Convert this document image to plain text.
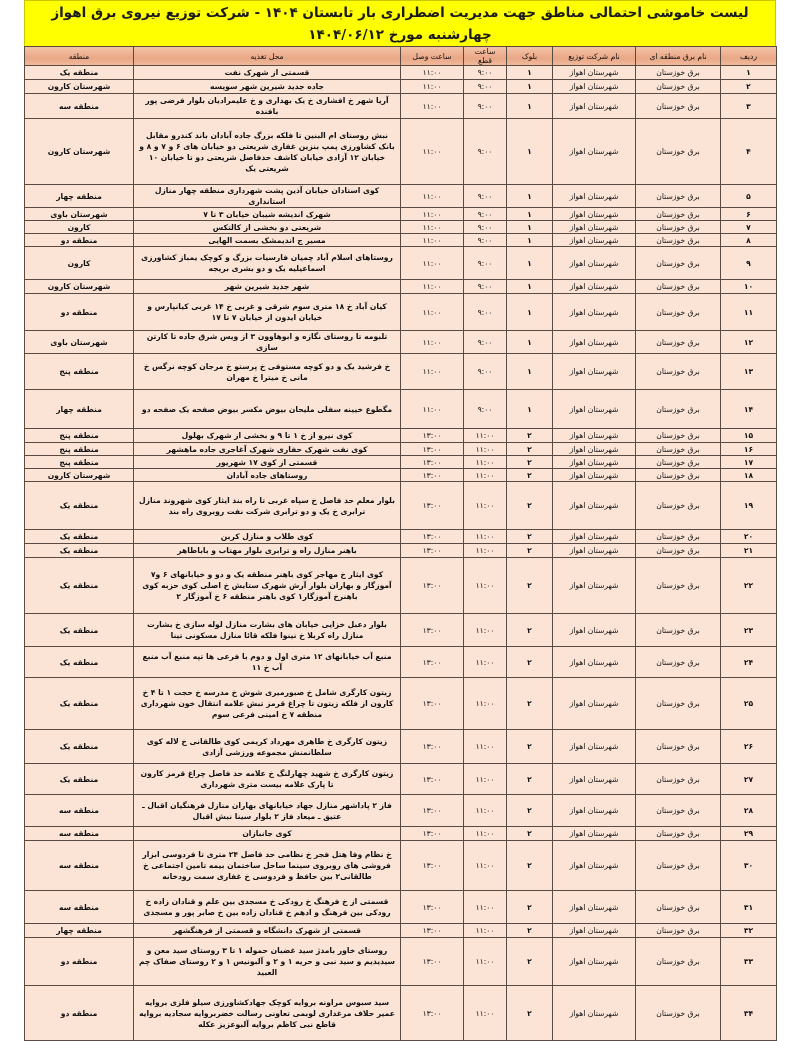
لیست خاموشی احتمالی مناطق جهت مدیریت اضطراری بار تابستان ۱۴۰۴ - شرکت توزیع نیروی برق اهواز
چهارشنبه مورخ ۱۴۰۴/۰۶/۱۲
ردیف	نام برق منطقه ای	نام شرکت توزیع	بلوک	ساعت قطع	ساعت وصل	محل تغذیه	منطقه
۱	برق خوزستان	شهرستان اهواز	۱	۹:۰۰	۱۱:۰۰	قسمتی از شهرک نفت	منطقه یک
۲	برق خوزستان	شهرستان اهواز	۱	۹:۰۰	۱۱:۰۰	جاده جدید شیرین شهر سویسه	شهرستان کارون
۳	برق خوزستان	شهرستان اهواز	۱	۹:۰۰	۱۱:۰۰	آریا شهر خ افشاری خ یک بهداری و خ علیمرادیان بلوار فرضی پور بافنده	منطقه سه
۴	برق خوزستان	شهرستان اهواز	۱	۹:۰۰	۱۱:۰۰	نبش روستای ام البنین تا فلکه بزرگ جاده آبادان باند کندرو مقابل بانک کشاورزی پمپ بنزین غفاری شریعتی دو خیابان های ۶ و ۷ و ۸ و خیابان ۱۲ آزادی خیابان کاشف حدفاصل شریعتی دو تا خیابان ۱۰ شریعتی یک	شهرستان کارون
۵	برق خوزستان	شهرستان اهواز	۱	۹:۰۰	۱۱:۰۰	کوی استادان خیابان آذین پشت شهرداری منطقه چهار منازل استانداری	منطقه چهار
۶	برق خوزستان	شهرستان اهواز	۱	۹:۰۰	۱۱:۰۰	شهرک اندیشه شیبان خیابان ۳ تا ۷	شهرستان باوی
۷	برق خوزستان	شهرستان اهواز	۱	۹:۰۰	۱۱:۰۰	شریعتی دو بخشی از کالتکس	کارون
۸	برق خوزستان	شهرستان اهواز	۱	۹:۰۰	۱۱:۰۰	مسیر ج اندیمشک بسمت الهایی	منطقه دو
۹	برق خوزستان	شهرستان اهواز	۱	۹:۰۰	۱۱:۰۰	روستاهای اسلام آباد چمیان فارسیات بزرگ و کوچک یمباز کشاورزی اسماعیلیه یک و دو بشری بریجه	کارون
۱۰	برق خوزستان	شهرستان اهواز	۱	۹:۰۰	۱۱:۰۰	شهر جدید شیرین شهر	شهرستان کارون
۱۱	برق خوزستان	شهرستان اهواز	۱	۹:۰۰	۱۱:۰۰	کیان آباد خ ۱۸ متری سوم شرقی و غربی خ ۱۴ غربی کیانپارس و خیابان ایدون از خیابان ۷ تا ۱۷	منطقه دو
۱۲	برق خوزستان	شهرستان اهواز	۱	۹:۰۰	۱۱:۰۰	تلبومه تا روستای نگازه و ابوهاوون ۳ از ویس شرق جاده تا کارتن سازی	شهرستان باوی
۱۳	برق خوزستان	شهرستان اهواز	۱	۹:۰۰	۱۱:۰۰	خ فرشید یک و دو کوچه مستوفی خ پرستو خ مرجان کوچه نرگس خ مانی خ میترا خ مهران	منطقه پنج
۱۴	برق خوزستان	شهرستان اهواز	۱	۹:۰۰	۱۱:۰۰	مگطوع خیینه سفلی ملیحان بیوض مکسر بیوض صفحه یک صفحه دو	منطقه چهار
۱۵	برق خوزستان	شهرستان اهواز	۲	۱۱:۰۰	۱۳:۰۰	کوی نیرو از خ ۱ تا ۹ و بخشی از شهرک بهلول	منطقه پنج
۱۶	برق خوزستان	شهرستان اهواز	۲	۱۱:۰۰	۱۳:۰۰	کوی نفت شهرک حفاری شهرک آغاجری جاده ماهشهر	منطقه پنج
۱۷	برق خوزستان	شهرستان اهواز	۲	۱۱:۰۰	۱۳:۰۰	قسمتی از کوی ۱۷ شهریور	منطقه پنج
۱۸	برق خوزستان	شهرستان اهواز	۲	۱۱:۰۰	۱۳:۰۰	روستاهای جاده آبادان	شهرستان کارون
۱۹	برق خوزستان	شهرستان اهواز	۲	۱۱:۰۰	۱۳:۰۰	بلوار معلم حد فاصل خ سپاه غربی تا راه بند ایثار کوی شهروند منازل ترابری خ یک و دو ترابری شرکت نفت روبروی راه بند	منطقه یک
۲۰	برق خوزستان	شهرستان اهواز	۲	۱۱:۰۰	۱۳:۰۰	کوی طلاب و منازل کربن	منطقه یک
۲۱	برق خوزستان	شهرستان اهواز	۲	۱۱:۰۰	۱۳:۰۰	باهنر منازل راه و ترابری بلوار مهتاب و باباطاهر	منطقه یک
۲۲	برق خوزستان	شهرستان اهواز	۲	۱۱:۰۰	۱۳:۰۰	کوی ایثار خ مهاجر کوی باهنر منطقه یک و دو و خیابانهای ۶ و۷ آموزگار و بهاران بلوار آرش شهرک ستایش خ اصلی کوی حزبه کوی باهنرخ آموزگار۱ کوی باهنر منطقه ۶ خ آموزگار ۲	منطقه یک
۲۳	برق خوزستان	شهرستان اهواز	۲	۱۱:۰۰	۱۳:۰۰	بلوار دعبل خزایی خیابان های بشارت منازل لوله سازی خ بشارت منازل راه کربلا خ نینوا فلکه قائا منازل مسکونی تینا	منطقه یک
۲۴	برق خوزستان	شهرستان اهواز	۲	۱۱:۰۰	۱۳:۰۰	منبع آب خیابانهای ۱۲ متری اول و دوم با فرعی ها تپه منبع آب منبع آب خ ۱۱	منطقه یک
۲۵	برق خوزستان	شهرستان اهواز	۲	۱۱:۰۰	۱۳:۰۰	زیتون کارگری شامل خ صبورمیری شوش خ مدرسه خ حجت ۱ تا ۴ خ کارون از فلکه زیتون تا چراغ قرمز تبش علامه انتقال خون شهرداری منطقه ۷ خ امینی فرعی سوم	منطقه یک
۲۶	برق خوزستان	شهرستان اهواز	۲	۱۱:۰۰	۱۳:۰۰	زیتون کارگری خ طاهری مهرداد کریمی کوی طالقانی خ لاله کوی سلطانمنش مجموعه ورزشی آزادی	منطقه یک
۲۷	برق خوزستان	شهرستان اهواز	۲	۱۱:۰۰	۱۳:۰۰	زیتون کارگری خ شهید چهارلنگ خ علامه حد فاصل چراغ قرمز کارون تا پارک علامه بیست متری شهرداری	منطقه یک
۲۸	برق خوزستان	شهرستان اهواز	۲	۱۱:۰۰	۱۳:۰۰	فاز ۲ پاداشهر منازل جهاد خیابانهای بهاران منازل فرهنگیان اقبال ـ عتیق ـ میعاد فاز ۲ بلوار سینا نبش اقبال	منطقه سه
۲۹	برق خوزستان	شهرستان اهواز	۲	۱۱:۰۰	۱۳:۰۰	کوی جانبازان	منطقه سه
۳۰	برق خوزستان	شهرستان اهواز	۲	۱۱:۰۰	۱۳:۰۰	خ نظام وفا هتل فجر خ نظامی حد فاصل ۲۴ متری تا فردوسی ابزار فروشی های روبروی سینما ساحل ساختمان بیمه تامین اجتماعی خ طالقانی۲ بین حافظ و فردوسی خ غفاری سمت رودخانه	منطقه سه
۳۱	برق خوزستان	شهرستان اهواز	۲	۱۱:۰۰	۱۳:۰۰	قسمتی از خ فرهنگ خ رودکی خ مسجدی بین علم و قنادان زاده خ رودکی بین فرهنگ و ادهم خ قنادان زاده بین خ صابر پور و مسجدی	منطقه سه
۳۲	برق خوزستان	شهرستان اهواز	۲	۱۱:۰۰	۱۳:۰۰	قسمتی از شهرک دانشگاه و قسمتی از فرهنگشهر	منطقه چهار
۳۳	برق خوزستان	شهرستان اهواز	۲	۱۱:۰۰	۱۳:۰۰	روستای خاور بامدژ سید غضبان حموله ۱ تا ۳ روستای سید معن و سیدیدیم و سید نبی و حریه ۱ و ۲ و آلبونیس ۱ و ۲ روستای صفاک چم العبید	منطقه دو
۳۴	برق خوزستان	شهرستان اهواز	۲	۱۱:۰۰	۱۳:۰۰	سید سبوس مراونه بروایه کوچک جهادکشاورزی سیلو فلزی بروایه عمیر حلاف مرغداری لوبمی تعاونی رسالت خضربروایه سجادیه بروایه قاطع نبی کاظم بروایه آلبوعزیز عکله	منطقه دو
